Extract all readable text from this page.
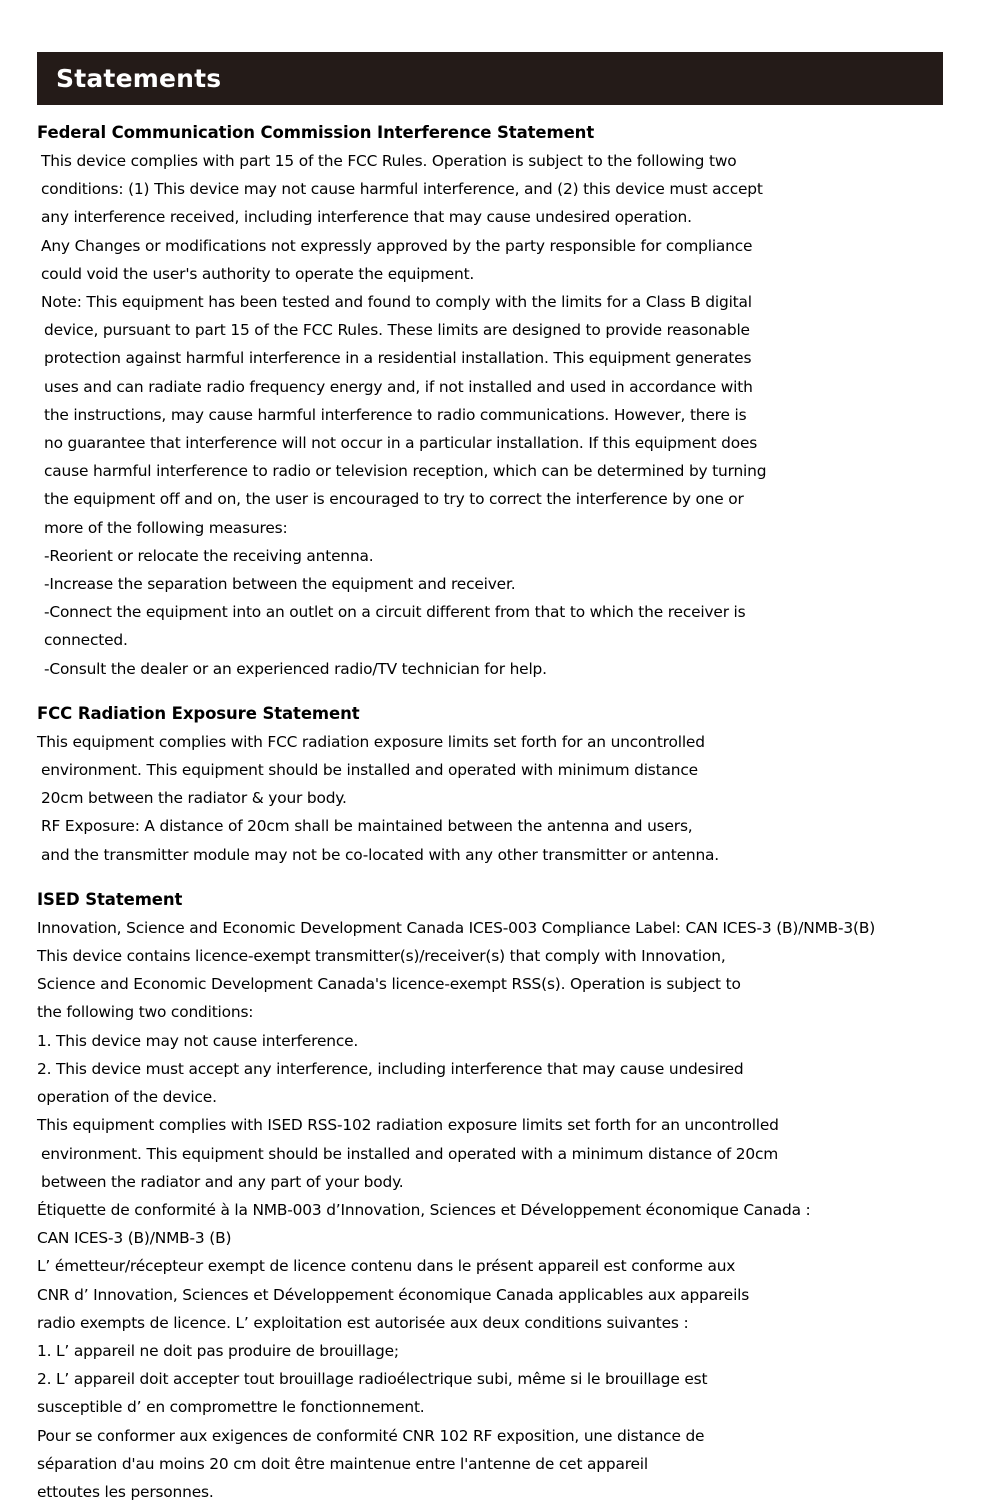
Statements
Federal Communication Commission Interference Statement

This device complies with part 15 of the FCC Rules. Operation is subject to the following two

conditions: (1) This device may not cause harmful interference, and (2) this device must accept

any interference received, including interference that may cause undesired operation.

Any Changes or modifications not expressly approved by the party responsible for compliance

could void the user's authority to operate the equipment.

Note: This equipment has been tested and found to comply with the limits for a Class B digital

device, pursuant to part 15 of the FCC Rules. These limits are designed to provide reasonable

protection against harmful interference in a residential installation. This equipment generates

uses and can radiate radio frequency energy and, if not installed and used in accordance with

the instructions, may cause harmful interference to radio communications. However, there is

no guarantee that interference will not occur in a particular installation. If this equipment does

cause harmful interference to radio or television reception, which can be determined by turning

the equipment off and on, the user is encouraged to try to correct the interference by one or

more of the following measures:

-Reorient or relocate the receiving antenna.

-Increase the separation between the equipment and receiver.

-Connect the equipment into an outlet on a circuit different from that to which the receiver is

connected.

-Consult the dealer or an experienced radio/TV technician for help.

FCC Radiation Exposure Statement

This equipment complies with FCC radiation exposure limits set forth for an uncontrolled

environment. This equipment should be installed and operated with minimum distance

20cm between the radiator & your body.

RF Exposure: A distance of 20cm shall be maintained between the antenna and users,

and the transmitter module may not be co-located with any other transmitter or antenna.

ISED Statement

Innovation, Science and Economic Development Canada ICES‐003 Compliance Label: CAN ICES-3 (B)/NMB-3(B)

This device contains licence-exempt transmitter(s)/receiver(s) that comply with Innovation,

Science and Economic Development Canada's licence-exempt RSS(s). Operation is subject to

the following two conditions:

1. This device may not cause interference.

2. This device must accept any interference, including interference that may cause undesired

operation of the device.

This equipment complies with ISED RSS-102 radiation exposure limits set forth for an uncontrolled

environment. This equipment should be installed and operated with a minimum distance of 20cm

between the radiator and any part of your body.

Étiquette de conformité à la NMB‐003 d’Innovation, Sciences et Développement économique Canada :

CAN ICES-3 (B)/NMB-3 (B)

L’ émetteur/récepteur exempt de licence contenu dans le présent appareil est conforme aux

CNR d’ Innovation, Sciences et Développement économique Canada applicables aux appareils

radio exempts de licence. L’ exploitation est autorisée aux deux conditions suivantes :

1. L’ appareil ne doit pas produire de brouillage;

2. L’ appareil doit accepter tout brouillage radioélectrique subi, même si le brouillage est

susceptible d’ en compromettre le fonctionnement.

Pour se conformer aux exigences de conformité CNR 102 RF exposition, une distance de

séparation d'au moins 20 cm doit être maintenue entre l'antenne de cet appareil

ettoutes les personnes.
